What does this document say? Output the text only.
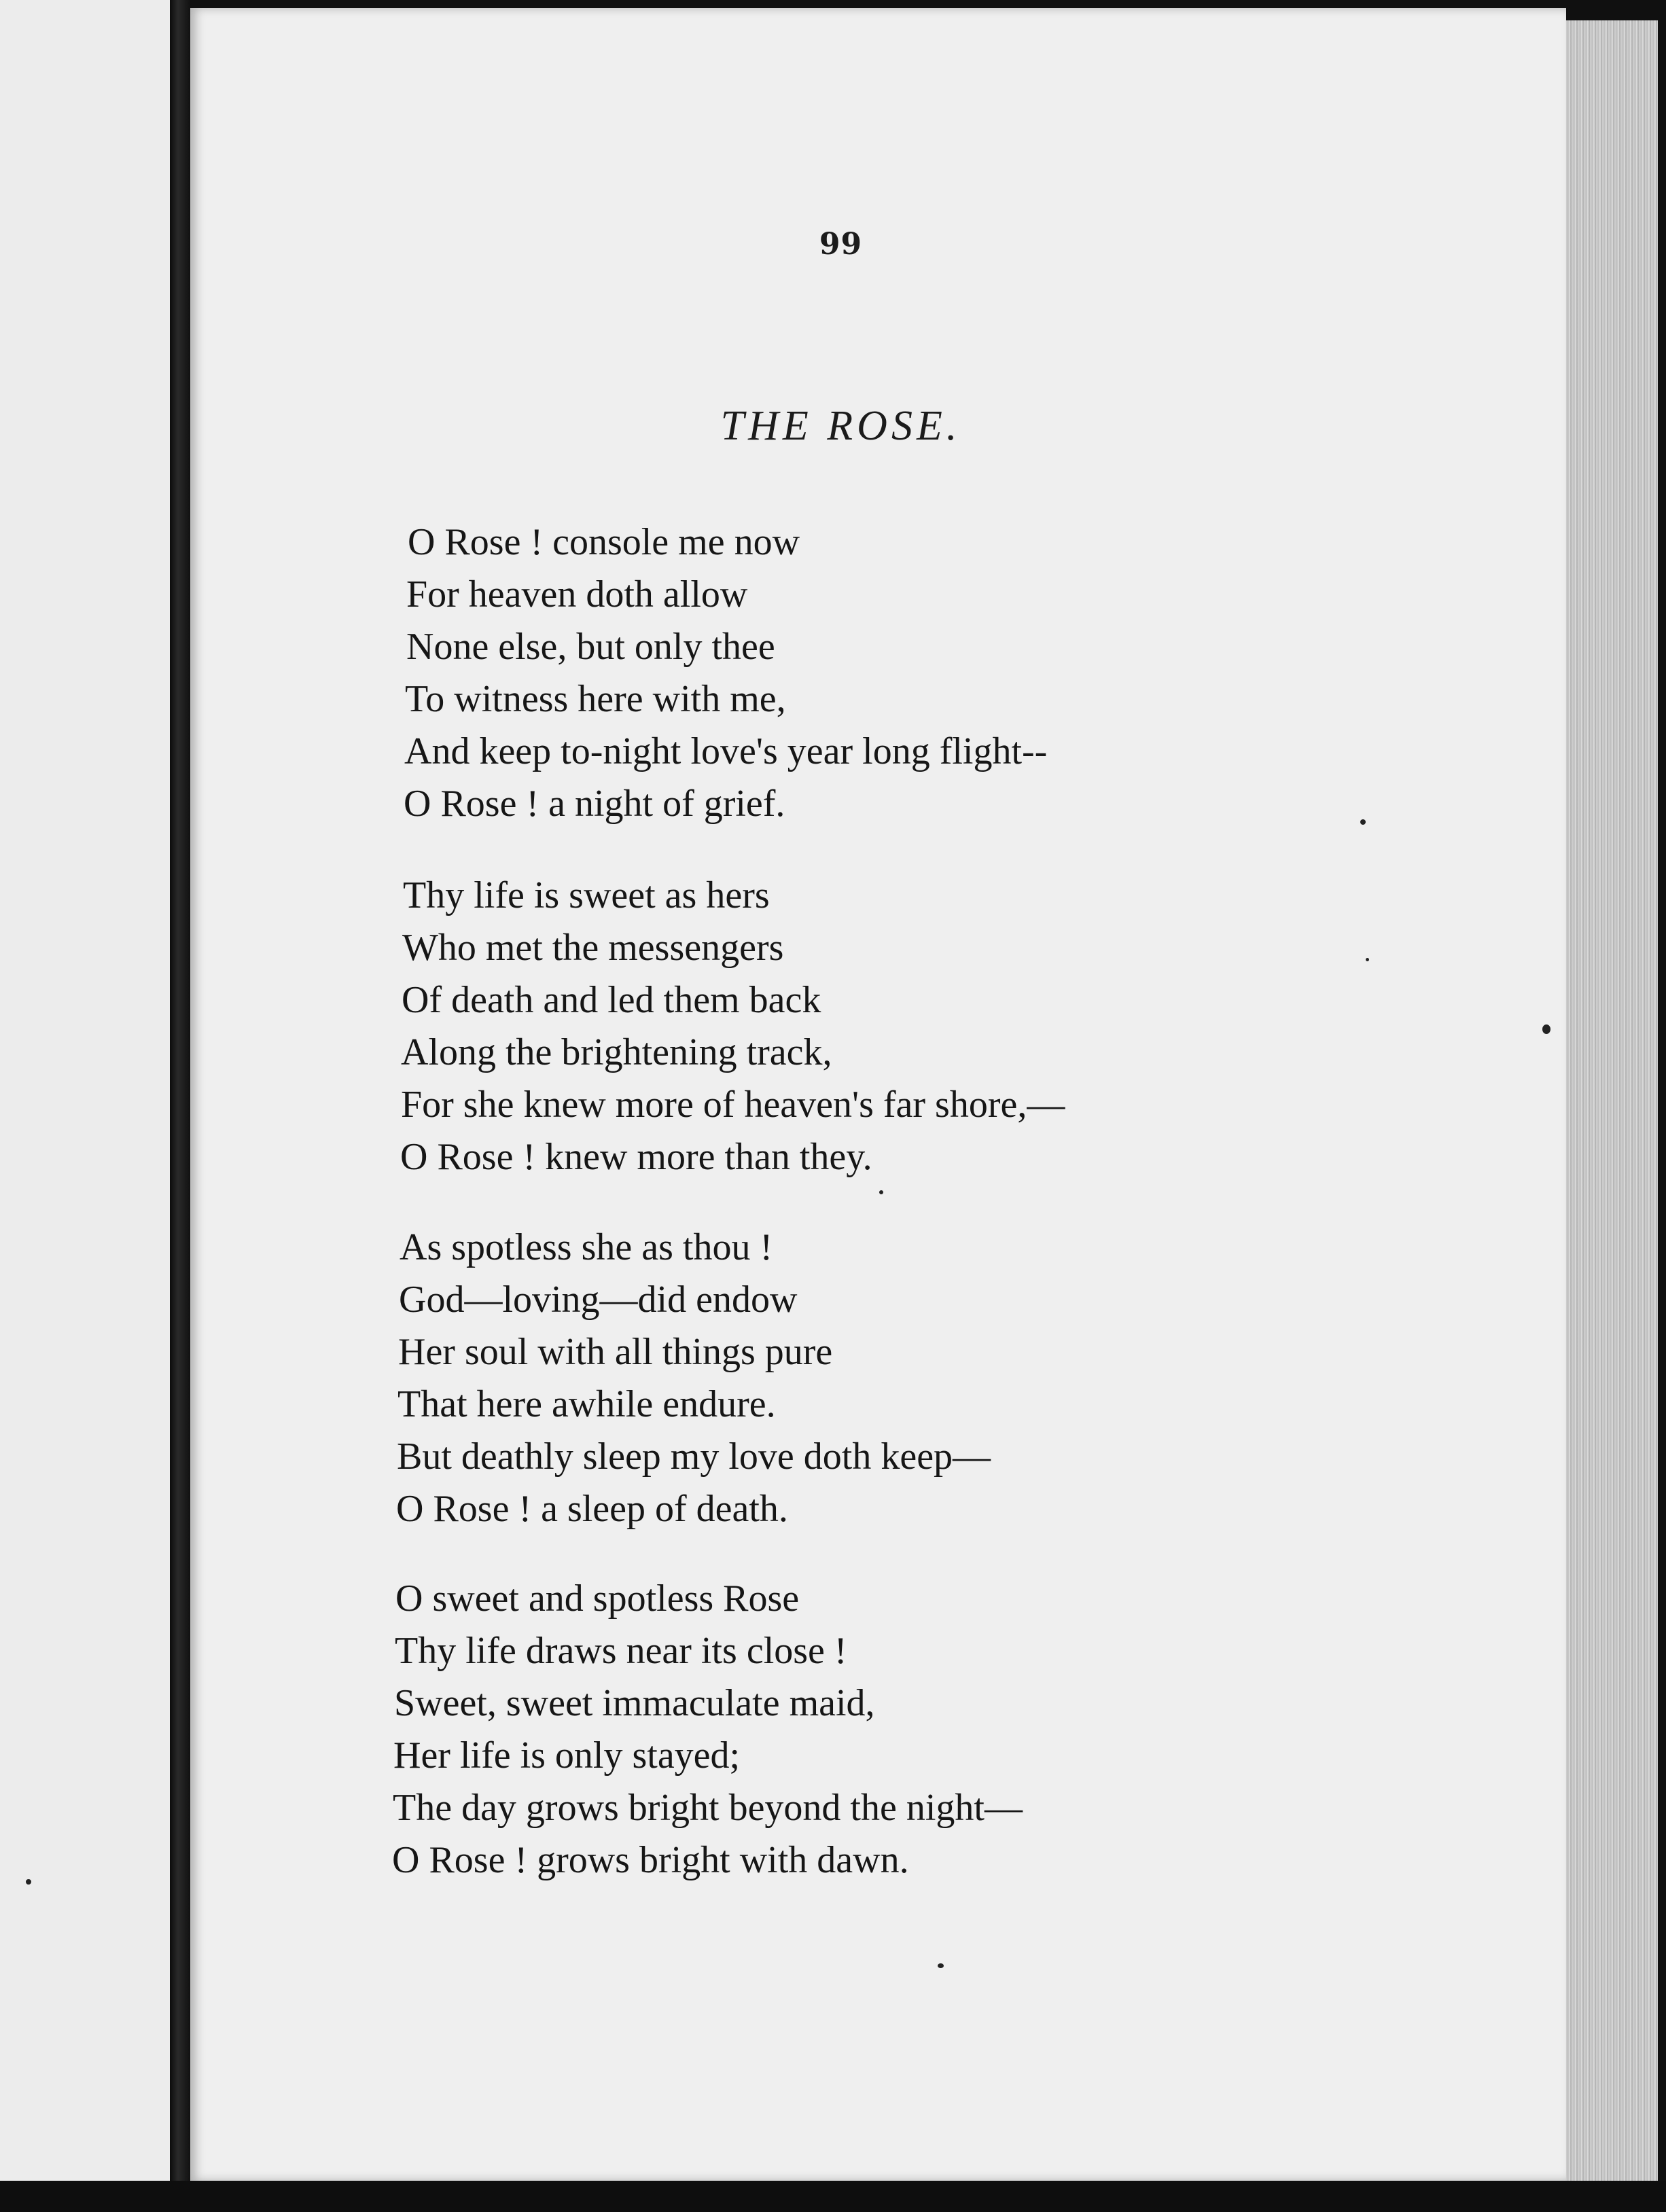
99
THE ROSE.
O Rose ! console me now
For heaven doth allow
None else, but only thee
To witness here with me,
And keep to-night love's year long flight--
O Rose ! a night of grief.
Thy life is sweet as hers
Who met the messengers
Of death and led them back
Along the brightening track,
For she knew more of heaven's far shore,—
O Rose ! knew more than they.
As spotless she as thou !
God—loving—did endow
Her soul with all things pure
That here awhile endure.
But deathly sleep my love doth keep—
O Rose ! a sleep of death.
O sweet and spotless Rose
Thy life draws near its close !
Sweet, sweet immaculate maid,
Her life is only stayed;
The day grows bright beyond the night—
O Rose ! grows bright with dawn.
